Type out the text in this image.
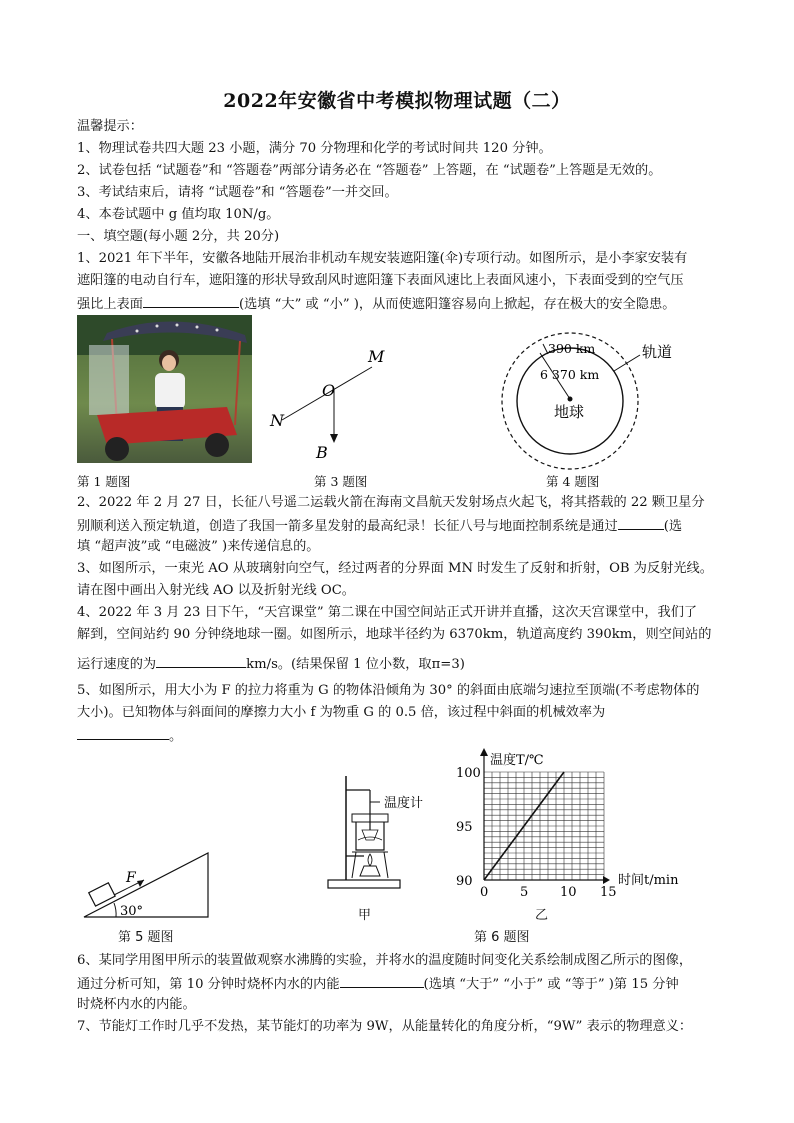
2022年安徽省中考模拟物理试题（二）
温馨提示：
1、物理试卷共四大题 23 小题，满分 70 分物理和化学的考试时间共 120 分钟。
2、试卷包括 “试题卷”和 “答题卷”两部分请务必在 “答题卷” 上答题，在 “试题卷”上答题是无效的。
3、考试结束后，请将 “试题卷”和 “答题卷”一并交回。
4、本卷试题中 g 值均取 10N/g。
一、填空题(每小题 2分，共 20分)
1、2021 年下半年，安徽各地陆开展治非机动车规安装遮阳篷(伞)专项行动。如图所示，是小李家安装有
遮阳篷的电动自行车，遮阳篷的形状导致刮风时遮阳篷下表面风速比上表面风速小，下表面受到的空气压
强比上表面	(选填 “大” 或 “小” )，从而使遮阳篷容易向上掀起，存在极大的安全隐患。
M
O
N
B
390 km
6 370 km
轨道
地球
第 1 题图	第 3 题图	第 4 题图
2、2022 年 2 月 27 日，长征八号遥二运载火箭在海南文昌航天发射场点火起飞，将其搭载的 22 颗卫星分
别顺利送入预定轨道，创造了我国一箭多星发射的最高纪录！长征八号与地面控制系统是通过	(选
填 “超声波”或 “电磁波” )来传递信息的。
3、如图所示，一束光 AO 从玻璃射向空气，经过两者的分界面 MN 时发生了反射和折射，OB 为反射光线。
请在图中画出入射光线 AO 以及折射光线 OC。
4、2022 年 3 月 23 日下午，“天宫课堂” 第二课在中国空间站正式开讲并直播，这次天宫课堂中，我们了
解到，空间站约 90 分钟绕地球一圈。如图所示，地球半径约为 6370km，轨道高度约 390km，则空间站的
运行速度的为	km/s。(结果保留 1 位小数，取π=3)
5、如图所示，用大小为 F 的拉力将重为 G 的物体沿倾角为 30° 的斜面由底端匀速拉至顶端(不考虑物体的
大小)。已知物体与斜面间的摩擦力大小 f 为物重 G 的 0.5 倍，该过程中斜面的机械效率为
。
F
30°
第 5 题图
温度计
甲
0 5 10 15
90
95
100
温度T/℃
时间t/min
乙
第 6 题图
6、某同学用图甲所示的装置做观察水沸腾的实验，并将水的温度随时间变化关系绘制成图乙所示的图像，
通过分析可知，第 10 分钟时烧杯内水的内能	(选填 “大于” “小于” 或 “等于” )第 15 分钟
时烧杯内水的内能。
7、节能灯工作时几乎不发热，某节能灯的功率为 9W，从能量转化的角度分析，“9W” 表示的物理意义：
